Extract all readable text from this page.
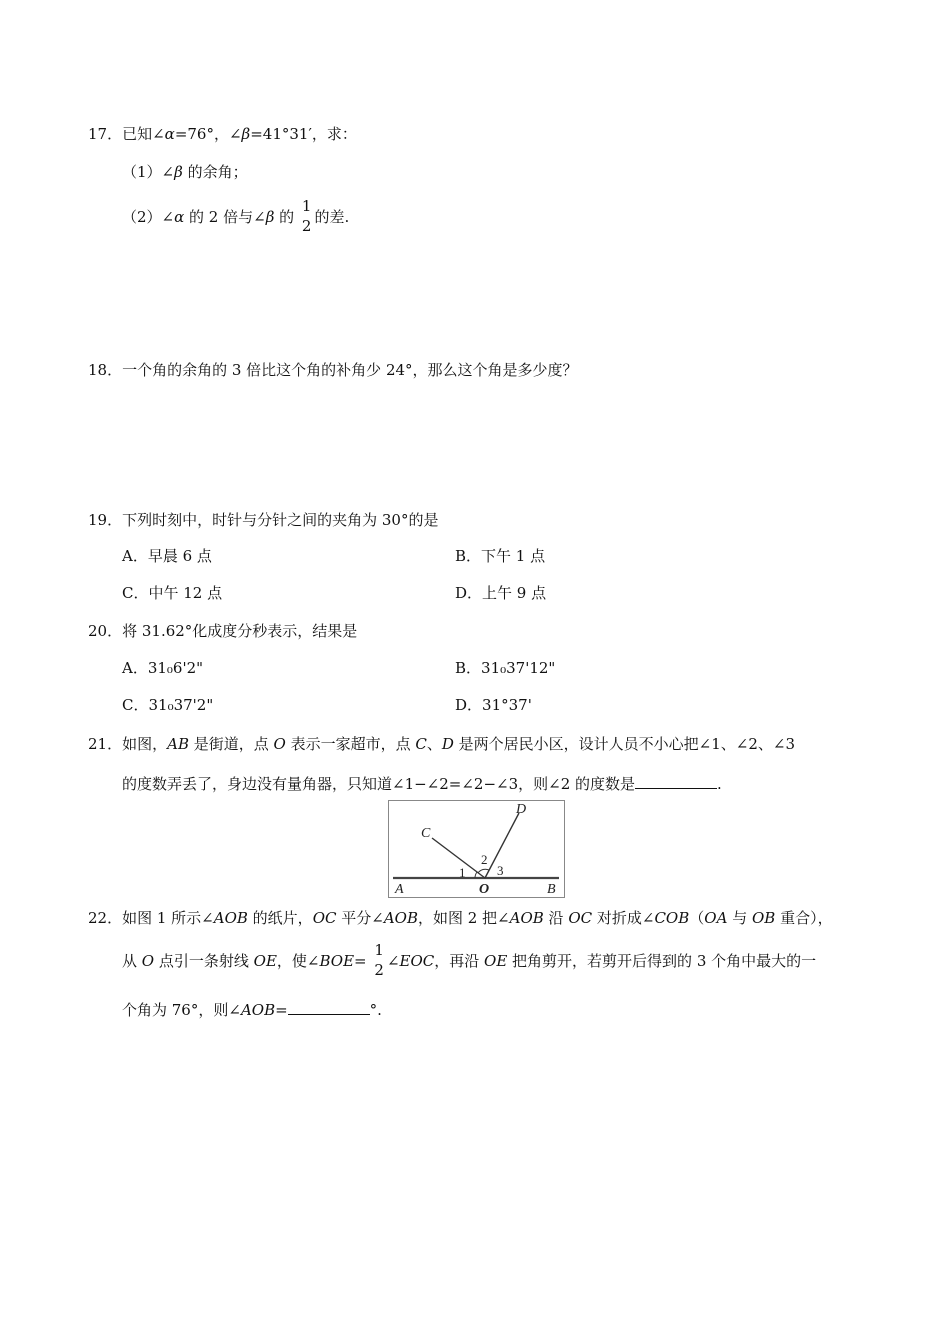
17．已知∠α=76°，∠β=41°31′，求：
（1）∠β 的余角；
（2）∠α 的 2 倍与∠β 的
1
2 的差.
18．一个角的余角的 3 倍比这个角的补角少 24°，那么这个角是多少度？
19．下列时刻中，时针与分针之间的夹角为 30°的是
A．早晨 6 点	B．下午 1 点
C．中午 12 点	D．上午 9 点
20．将 31.62°化成度分秒表示，结果是
A．31₀6'2"	B．31₀37'12"
C．31₀37'2"	D．31°37'
21．如图，AB 是街道，点 O 表示一家超市，点 C、D 是两个居民小区，设计人员不小心把∠1、∠2、∠3
的度数弄丢了，身边没有量角器，只知道∠1−∠2=∠2−∠3，则∠2 的度数是	.
A	O	B
C
D
1
2
3
22．如图 1 所示∠AOB 的纸片，OC 平分∠AOB，如图 2 把∠AOB 沿 OC 对折成∠COB（OA 与 OB 重合），
从 O 点引一条射线 OE，使∠BOE=
1
2 ∠EOC，再沿 OE 把角剪开，若剪开后得到的 3 个角中最大的一
个角为 76°，则∠AOB=	°.
